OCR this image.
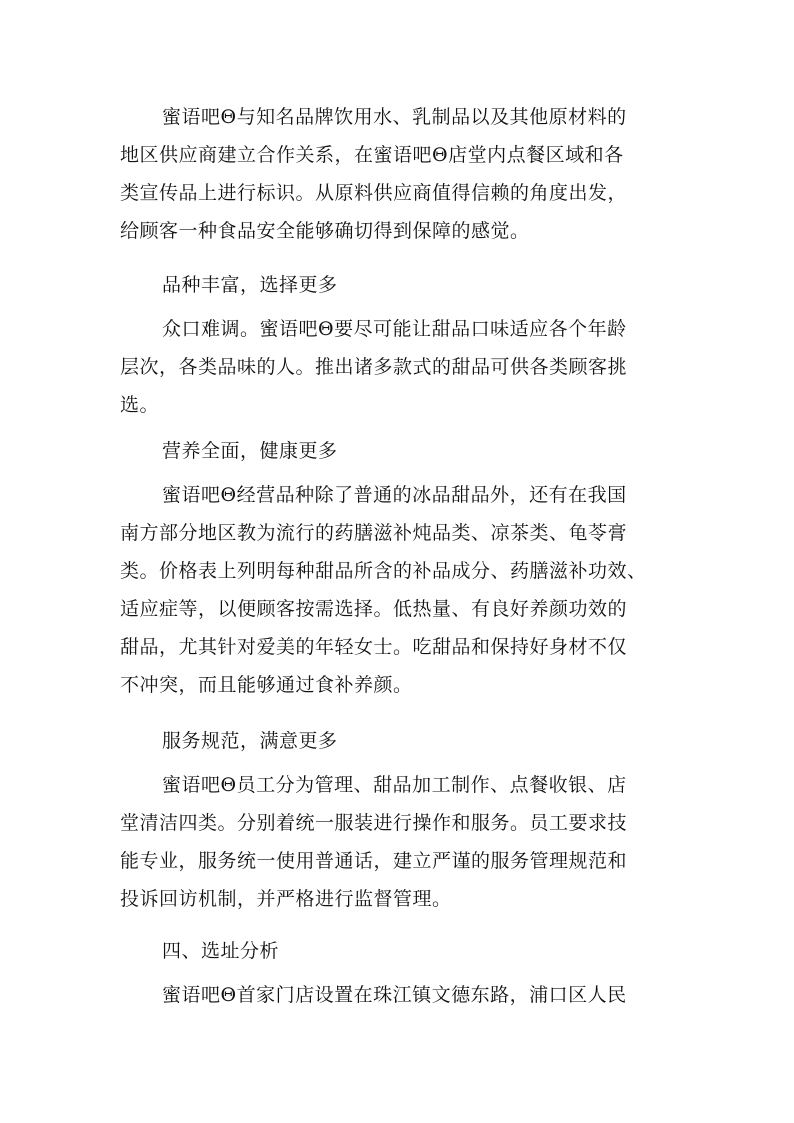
蜜语吧Θ与知名品牌饮用水、乳制品以及其他原材料的
地区供应商建立合作关系，在蜜语吧Θ店堂内点餐区域和各
类宣传品上进行标识。从原料供应商值得信赖的角度出发，
给顾客一种食品安全能够确切得到保障的感觉。
品种丰富，选择更多
众口难调。蜜语吧Θ要尽可能让甜品口味适应各个年龄
层次，各类品味的人。推出诸多款式的甜品可供各类顾客挑
选。
营养全面，健康更多
蜜语吧Θ经营品种除了普通的冰品甜品外，还有在我国
南方部分地区教为流行的药膳滋补炖品类、凉茶类、龟苓膏
类。价格表上列明每种甜品所含的补品成分、药膳滋补功效、
适应症等，以便顾客按需选择。低热量、有良好养颜功效的
甜品，尤其针对爱美的年轻女士。吃甜品和保持好身材不仅
不冲突，而且能够通过食补养颜。
服务规范，满意更多
蜜语吧Θ员工分为管理、甜品加工制作、点餐收银、店
堂清洁四类。分别着统一服装进行操作和服务。员工要求技
能专业，服务统一使用普通话，建立严谨的服务管理规范和
投诉回访机制，并严格进行监督管理。
四、选址分析
蜜语吧Θ首家门店设置在珠江镇文德东路，浦口区人民
